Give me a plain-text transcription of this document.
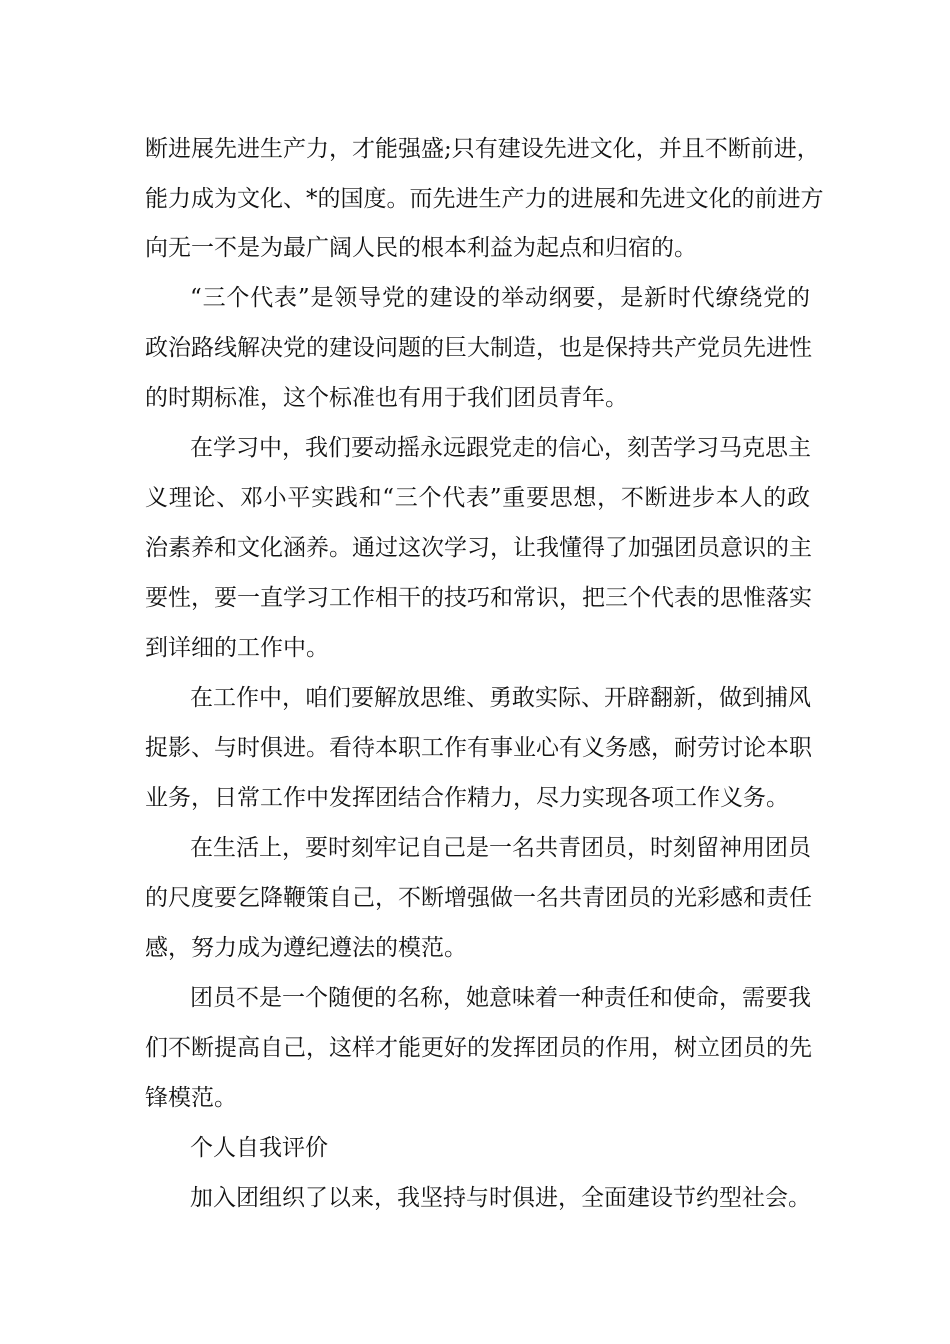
断进展先进生产力，才能强盛;只有建设先进文化，并且不断前进，
能力成为文化、*的国度。而先进生产力的进展和先进文化的前进方
向无一不是为最广阔人民的根本利益为起点和归宿的。
“三个代表”是领导党的建设的举动纲要，是新时代缭绕党的
政治路线解决党的建设问题的巨大制造，也是保持共产党员先进性
的时期标准，这个标准也有用于我们团员青年。
在学习中，我们要动摇永远跟党走的信心，刻苦学习马克思主
义理论、邓小平实践和“三个代表”重要思想，不断进步本人的政
治素养和文化涵养。通过这次学习，让我懂得了加强团员意识的主
要性，要一直学习工作相干的技巧和常识，把三个代表的思惟落实
到详细的工作中。
在工作中，咱们要解放思维、勇敢实际、开辟翻新，做到捕风
捉影、与时俱进。看待本职工作有事业心有义务感，耐劳讨论本职
业务，日常工作中发挥团结合作精力，尽力实现各项工作义务。
在生活上，要时刻牢记自己是一名共青团员，时刻留神用团员
的尺度要乞降鞭策自己，不断增强做一名共青团员的光彩感和责任
感，努力成为遵纪遵法的模范。
团员不是一个随便的名称，她意味着一种责任和使命，需要我
们不断提高自己，这样才能更好的发挥团员的作用，树立团员的先
锋模范。
个人自我评价
加入团组织了以来，我坚持与时俱进，全面建设节约型社会。
